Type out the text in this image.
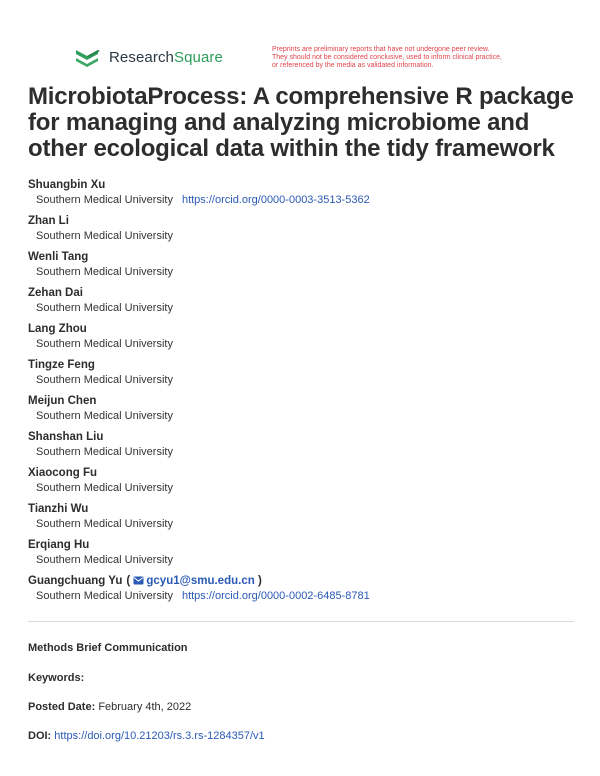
ResearchSquare	Preprints are preliminary reports that have not undergone peer review.
They should not be considered conclusive, used to inform clinical practice,
or referenced by the media as validated information.
MicrobiotaProcess: A comprehensive R package for managing and analyzing microbiome and other ecological data within the tidy framework
Shuangbin Xu
Southern Medical University https://orcid.org/0000-0003-3513-5362
Zhan Li
Southern Medical University
Wenli Tang
Southern Medical University
Zehan Dai
Southern Medical University
Lang Zhou
Southern Medical University
Tingze Feng
Southern Medical University
Meijun Chen
Southern Medical University
Shanshan Liu
Southern Medical University
Xiaocong Fu
Southern Medical University
Tianzhi Wu
Southern Medical University
Erqiang Hu
Southern Medical University
Guangchuang Yu ( gcyu1@smu.edu.cn )
Southern Medical University https://orcid.org/0000-0002-6485-8781
Methods Brief Communication
Keywords:
Posted Date: February 4th, 2022
DOI: https://doi.org/10.21203/rs.3.rs-1284357/v1
